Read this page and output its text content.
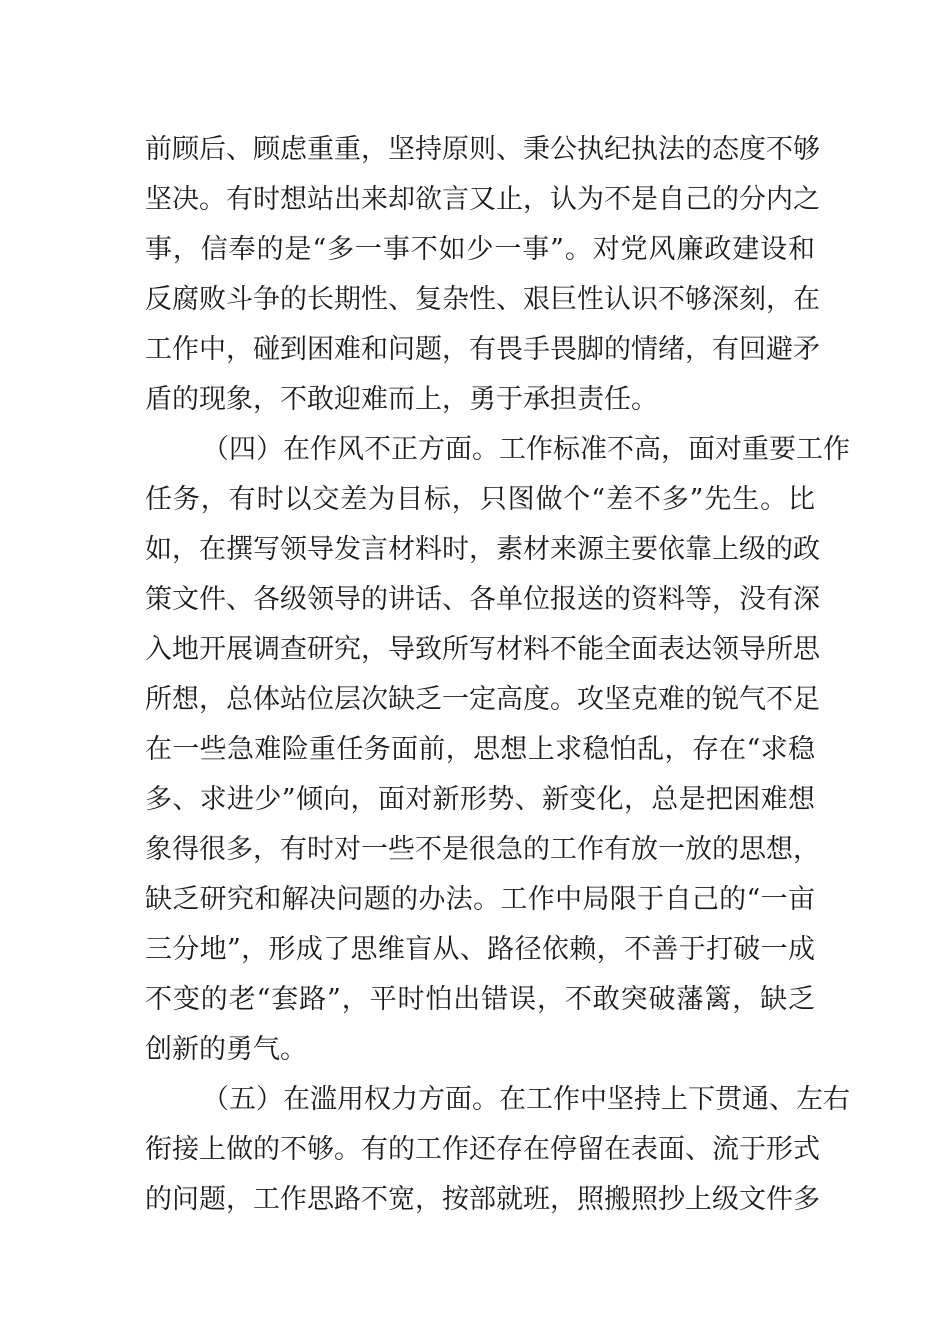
前顾后、顾虑重重，坚持原则、秉公执纪执法的态度不够
坚决。有时想站出来却欲言又止，认为不是自己的分内之
事，信奉的是“多一事不如少一事”。对党风廉政建设和
反腐败斗争的长期性、复杂性、艰巨性认识不够深刻，在
工作中，碰到困难和问题，有畏手畏脚的情绪，有回避矛
盾的现象，不敢迎难而上，勇于承担责任。
（四）在作风不正方面。工作标准不高，面对重要工作
任务，有时以交差为目标，只图做个“差不多”先生。比
如，在撰写领导发言材料时，素材来源主要依靠上级的政
策文件、各级领导的讲话、各单位报送的资料等，没有深
入地开展调查研究，导致所写材料不能全面表达领导所思
所想，总体站位层次缺乏一定高度。攻坚克难的锐气不足
在一些急难险重任务面前，思想上求稳怕乱，存在“求稳
多、求进少”倾向，面对新形势、新变化，总是把困难想
象得很多，有时对一些不是很急的工作有放一放的思想，
缺乏研究和解决问题的办法。工作中局限于自己的“一亩
三分地”，形成了思维盲从、路径依赖，不善于打破一成
不变的老“套路”，平时怕出错误，不敢突破藩篱，缺乏
创新的勇气。
（五）在滥用权力方面。在工作中坚持上下贯通、左右
衔接上做的不够。有的工作还存在停留在表面、流于形式
的问题，工作思路不宽，按部就班，照搬照抄上级文件多
